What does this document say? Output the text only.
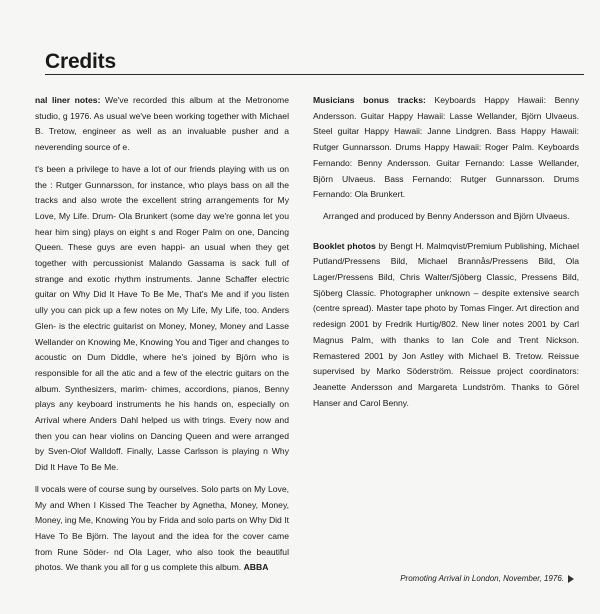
Credits

nal liner notes: We've recorded this album at the Metronome studio, g 1976. As usual we've been working together with Michael B. Tretow, engineer as well as an invaluable pusher and a neverending source of e.

t's been a privilege to have a lot of our friends playing with us on the : Rutger Gunnarsson, for instance, who plays bass on all the tracks and also wrote the excellent string arrangements for My Love, My Life. Drum- Ola Brunkert (some day we're gonna let you hear him sing) plays on eight s and Roger Palm on one, Dancing Queen. These guys are even happi- an usual when they get together with percussionist Malando Gassama is sack full of strange and exotic rhythm instruments. Janne Schaffer electric guitar on Why Did It Have To Be Me, That's Me and if you listen ully you can pick up a few notes on My Life, My Life, too. Anders Glen- is the electric guitarist on Money, Money, Money and Lasse Wellander on Knowing Me, Knowing You and Tiger and changes to acoustic on Dum Diddle, where he's joined by Björn who is responsible for all the atic and a few of the electric guitars on the album. Synthesizers, marim- chimes, accordions, pianos, Benny plays any keyboard instruments he his hands on, especially on Arrival where Anders Dahl helped us with trings. Every now and then you can hear violins on Dancing Queen and were arranged by Sven-Olof Walldoff. Finally, Lasse Carlsson is playing n Why Did It Have To Be Me.

ll vocals were of course sung by ourselves. Solo parts on My Love, My and When I Kissed The Teacher by Agnetha, Money, Money, Money, ing Me, Knowing You by Frida and solo parts on Why Did It Have To Be Björn. The layout and the idea for the cover came from Rune Söder- nd Ola Lager, who also took the beautiful photos. We thank you all for g us complete this album. ABBA

Musicians bonus tracks: Keyboards Happy Hawaii: Benny Andersson. Guitar Happy Hawaii: Lasse Wellander, Björn Ulvaeus. Steel guitar Happy Hawaii: Janne Lindgren. Bass Happy Hawaii: Rutger Gunnarsson. Drums Happy Hawaii: Roger Palm. Keyboards Fernando: Benny Andersson. Guitar Fernando: Lasse Wellander, Björn Ulvaeus. Bass Fernando: Rutger Gunnarsson. Drums Fernando: Ola Brunkert.

Arranged and produced by Benny Andersson and Björn Ulvaeus.

Booklet photos by Bengt H. Malmqvist/Premium Publishing, Michael Putland/Pressens Bild, Michael Brannås/Pressens Bild, Ola Lager/Pressens Bild, Chris Walter/Sjöberg Classic, Pressens Bild, Sjöberg Classic. Photographer unknown – despite extensive search (centre spread). Master tape photo by Tomas Finger. Art direction and redesign 2001 by Fredrik Hurtig/802. New liner notes 2001 by Carl Magnus Palm, with thanks to Ian Cole and Trent Nickson. Remastered 2001 by Jon Astley with Michael B. Tretow. Reissue supervised by Marko Söderström. Reissue project coordinators: Jeanette Andersson and Margareta Lundström. Thanks to Görel Hanser and Carol Benny.

Promoting Arrival in London, November, 1976.
